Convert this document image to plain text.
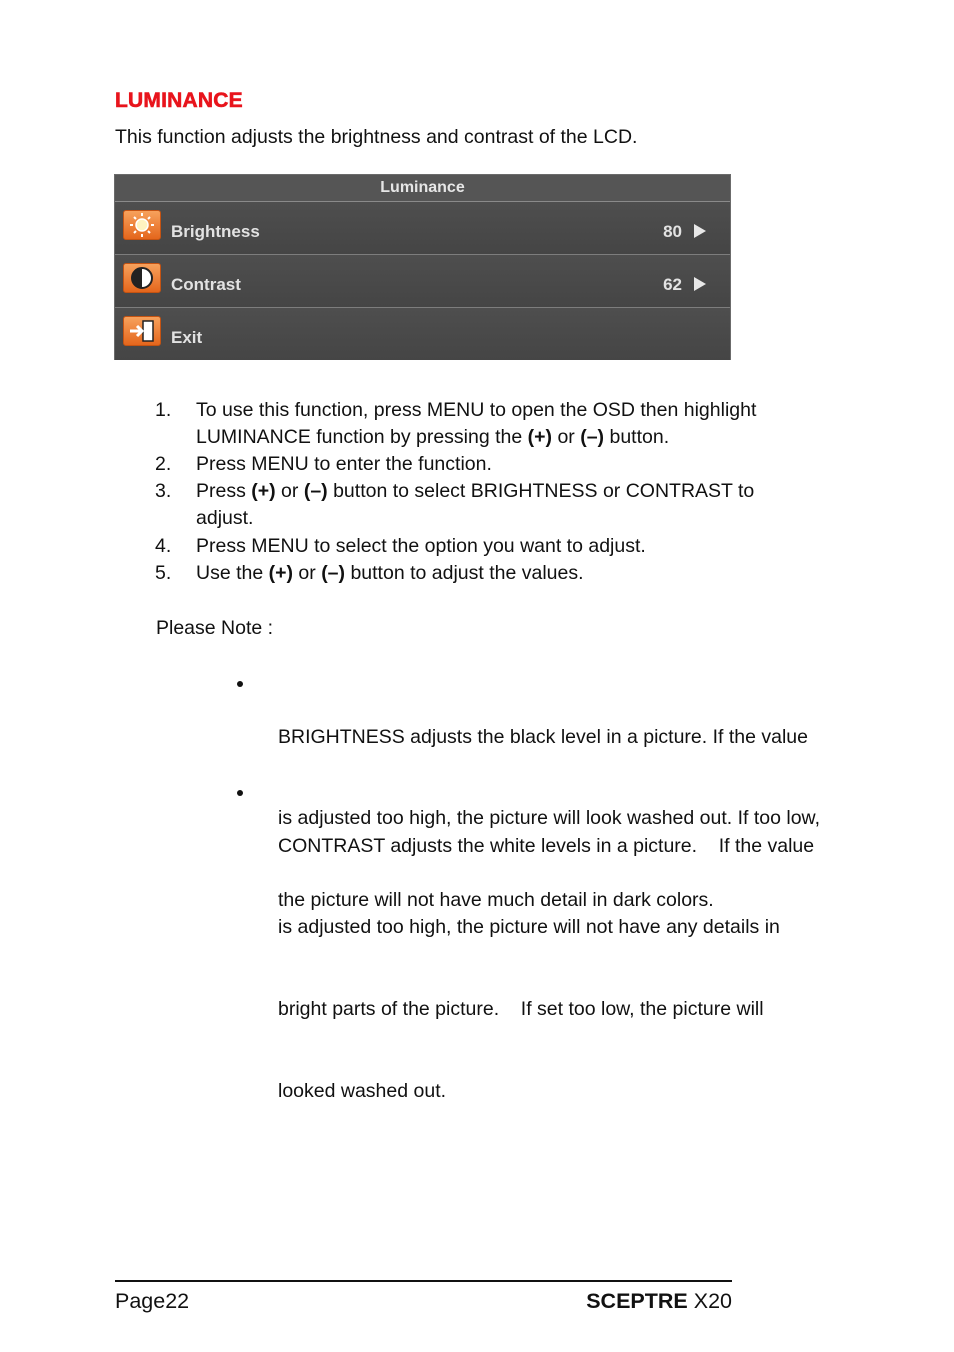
LUMINANCE
This function adjusts the brightness and contrast of the LCD.
Luminance
Brightness	80
Contrast	62
Exit
1.	To use this function, press MENU to open the OSD then highlight
LUMINANCE function by pressing the (+) or (–) button.
2.	Press MENU to enter the function.
3.	Press (+) or (–) button to select BRIGHTNESS or CONTRAST to
adjust.
4.	Press MENU to select the option you want to adjust.
5.	Use the (+) or (–) button to adjust the values.
Please Note :

BRIGHTNESS adjusts the black level in a picture. If the value

is adjusted too high, the picture will look washed out. If too low,

the picture will not have much detail in dark colors.

CONTRAST adjusts the white levels in a picture.    If the value

is adjusted too high, the picture will not have any details in

bright parts of the picture.    If set too low, the picture will

looked washed out.

Page22	SCEPTRE X20
